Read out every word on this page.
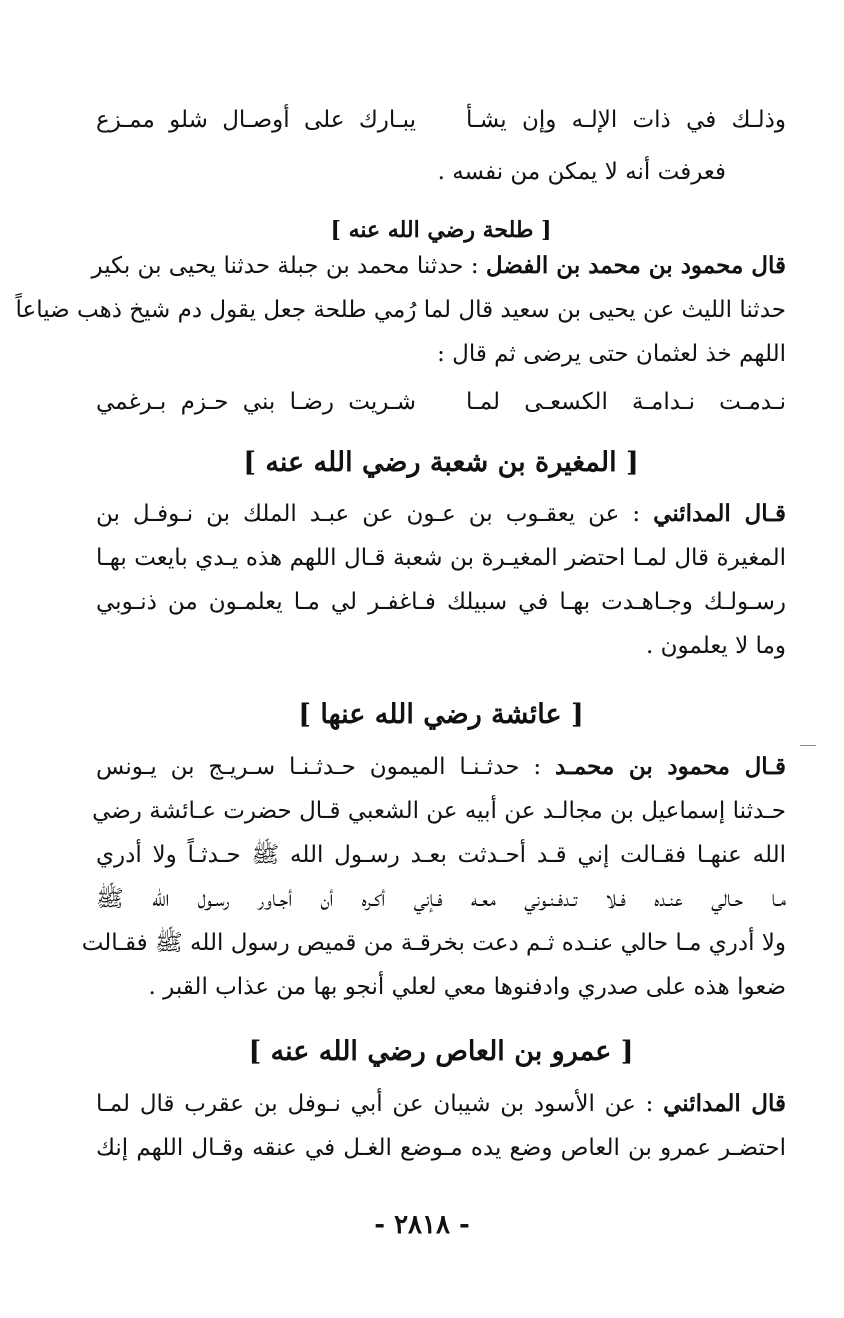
وذلـك في ذات الإلـه وإن يشـأ
يبـارك على أوصـال شلو ممـزع
فعرفت أنه لا يمكن من نفسه .
[ طلحة رضي الله عنه ]
قال محمود بن محمد بن الفضل : حدثنا محمد بن جبلة حدثنا يحيى بن بكير
حدثنا الليث عن يحيى بن سعيد قال لما رُمي طلحة جعل يقول دم شيخ ذهب ضياعاً
اللهم خذ لعثمان حتى يرضى ثم قال :
نـدمـت نـدامـة الكسعـى لمـا
شـريت رضـا بني حـزم بـرغمي
[ المغيرة بن شعبة رضي الله عنه ]
قـال المدائني : عن يعقـوب بن عـون عن عبـد الملك بن نـوفـل بن
المغيرة قال لمـا احتضر المغيـرة بن شعبة قـال اللهم هذه يـدي بايعت بهـا
رسـولـك وجـاهـدت بهـا في سبيلك فـاغفـر لي مـا يعلمـون من ذنـوبي
وما لا يعلمون .
[ عائشة رضي الله عنها ]
قـال محمود بن محمـد : حدثـنـا الميمون حـدثـنـا سـريـج بن يـونس
حـدثنا إسماعيل بن مجالـد عن أبيه عن الشعبي قـال حضرت عـائشة رضي
الله عنهـا فقـالت إني قـد أحـدثت بعـد رسـول الله ﷺ حـدثـاً ولا أدري
مـا حـالي عنـده فـلا تـدفـنـوني معـه فـإني أكـره أن أجـاور رسـول الله ﷺ
ولا أدري مـا حالي عنـده ثـم دعت بخرقـة من قميص رسول الله ﷺ فقـالت
ضعوا هذه على صدري وادفنوها معي لعلي أنجو بها من عذاب القبر .
[ عمرو بن العاص رضي الله عنه ]
قال المدائني : عن الأسود بن شيبان عن أبي نـوفل بن عقرب قال لمـا
احتضـر عمرو بن العاص وضع يده مـوضع الغـل في عنقه وقـال اللهم إنك
- ٢٨١٨ -
